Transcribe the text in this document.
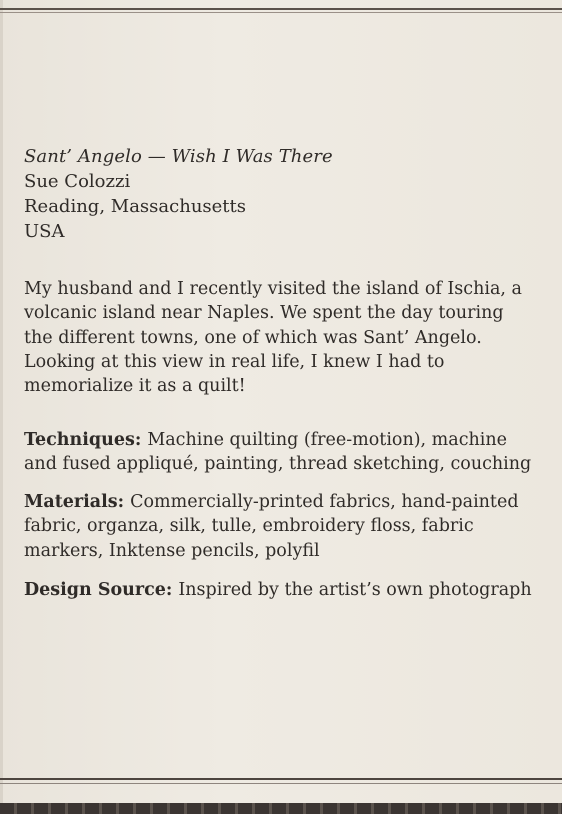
Sant’ Angelo — Wish I Was There
Sue Colozzi
Reading, Massachusetts
USA
My husband and I recently visited the island of Ischia, a
volcanic island near Naples. We spent the day touring
the different towns, one of which was Sant’ Angelo.
Looking at this view in real life, I knew I had to
memorialize it as a quilt!
Techniques: Machine quilting (free-motion), machine
and fused appliqué, painting, thread sketching, couching
Materials: Commercially-printed fabrics, hand-painted
fabric, organza, silk, tulle, embroidery floss, fabric
markers, Inktense pencils, polyfil
Design Source: Inspired by the artist’s own photograph
